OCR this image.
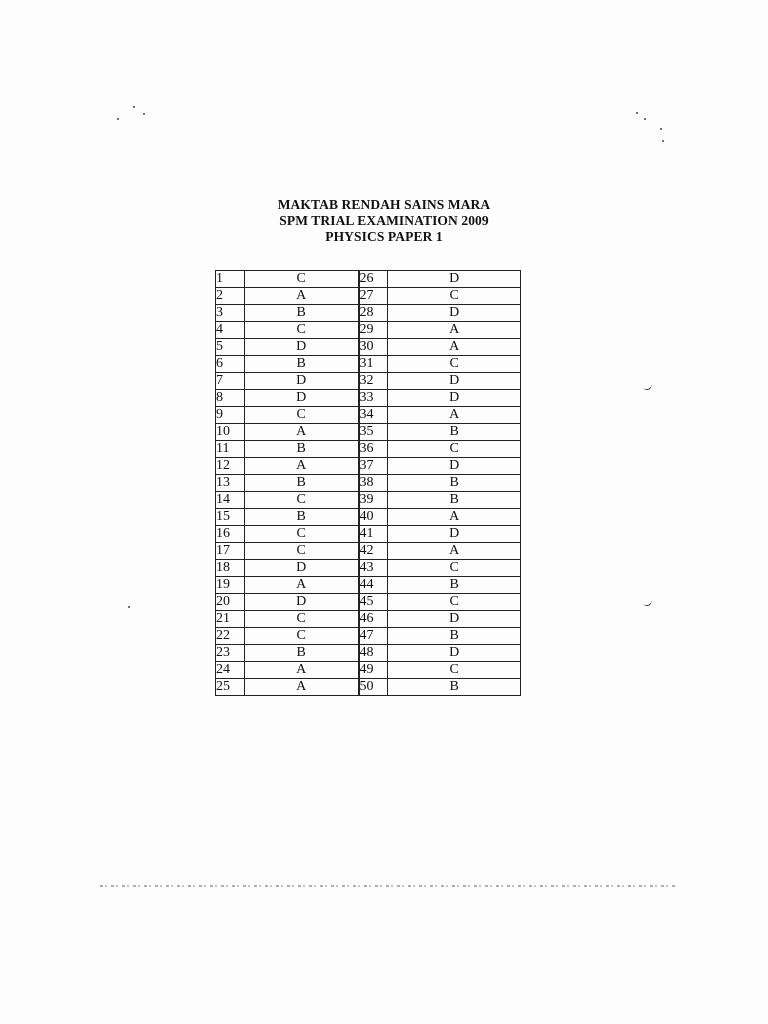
MAKTAB RENDAH SAINS MARA
SPM TRIAL EXAMINATION 2009
PHYSICS PAPER 1
1	C	26	D
2	A	27	C
3	B	28	D
4	C	29	A
5	D	30	A
6	B	31	C
7	D	32	D
8	D	33	D
9	C	34	A
10	A	35	B
11	B	36	C
12	A	37	D
13	B	38	B
14	C	39	B
15	B	40	A
16	C	41	D
17	C	42	A
18	D	43	C
19	A	44	B
20	D	45	C
21	C	46	D
22	C	47	B
23	B	48	D
24	A	49	C
25	A	50	B
